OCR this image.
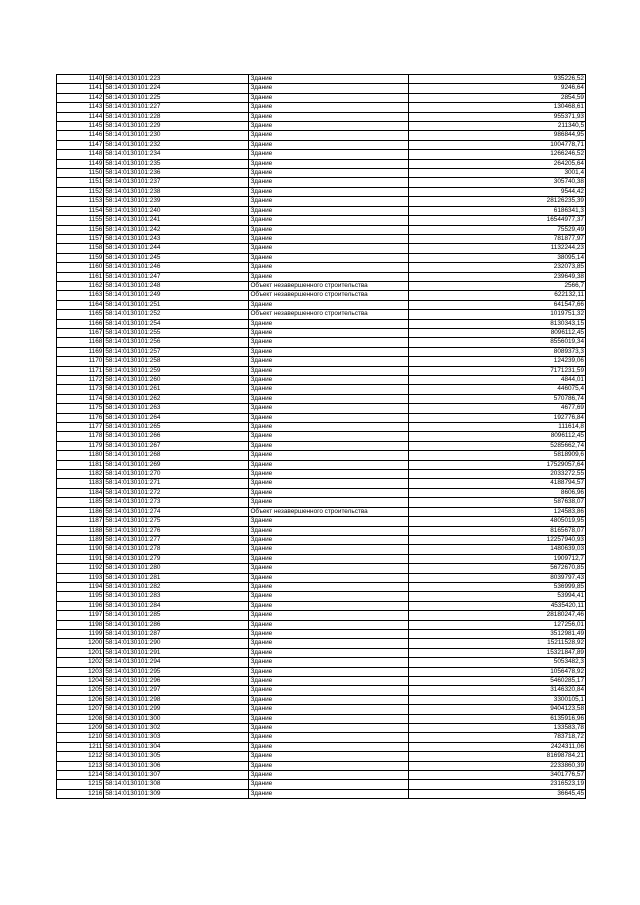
1140	58:14:0130101:223	Здание	935226,52
1141	58:14:0130101:224	Здание	9246,64
1142	58:14:0130101:225	Здание	2854,59
1143	58:14:0130101:227	Здание	130468,61
1144	58:14:0130101:228	Здание	955371,93
1145	58:14:0130101:229	Здание	211340,5
1146	58:14:0130101:230	Здание	986844,95
1147	58:14:0130101:232	Здание	1004778,71
1148	58:14:0130101:234	Здание	1266246,52
1149	58:14:0130101:235	Здание	264205,64
1150	58:14:0130101:236	Здание	3001,4
1151	58:14:0130101:237	Здание	305740,38
1152	58:14:0130101:238	Здание	9544,42
1153	58:14:0130101:239	Здание	28126235,39
1154	58:14:0130101:240	Здание	6186341,3
1155	58:14:0130101:241	Здание	16544977,37
1156	58:14:0130101:242	Здание	75529,49
1157	58:14:0130101:243	Здание	781877,97
1158	58:14:0130101:244	Здание	1132244,23
1159	58:14:0130101:245	Здание	38095,14
1160	58:14:0130101:246	Здание	232073,85
1161	58:14:0130101:247	Здание	239649,38
1162	58:14:0130101:248	Объект незавершенного строительства	2566,7
1163	58:14:0130101:249	Объект незавершенного строительства	622132,11
1164	58:14:0130101:251	Здание	641547,66
1165	58:14:0130101:252	Объект незавершенного строительства	1019751,32
1166	58:14:0130101:254	Здание	8130343,15
1167	58:14:0130101:255	Здание	8096112,45
1168	58:14:0130101:256	Здание	8556019,34
1169	58:14:0130101:257	Здание	8089373,3
1170	58:14:0130101:258	Здание	124239,06
1171	58:14:0130101:259	Здание	7171231,59
1172	58:14:0130101:260	Здание	4844,01
1173	58:14:0130101:261	Здание	446075,4
1174	58:14:0130101:262	Здание	570786,74
1175	58:14:0130101:263	Здание	4677,69
1176	58:14:0130101:264	Здание	192776,84
1177	58:14:0130101:265	Здание	111614,8
1178	58:14:0130101:266	Здание	8096112,45
1179	58:14:0130101:267	Здание	5285662,74
1180	58:14:0130101:268	Здание	5818909,6
1181	58:14:0130101:269	Здание	17529057,64
1182	58:14:0130101:270	Здание	2033272,55
1183	58:14:0130101:271	Здание	4188794,57
1184	58:14:0130101:272	Здание	8606,96
1185	58:14:0130101:273	Здание	587638,07
1186	58:14:0130101:274	Объект незавершенного строительства	124583,86
1187	58:14:0130101:275	Здание	4805019,95
1188	58:14:0130101:276	Здание	8165678,07
1189	58:14:0130101:277	Здание	12257940,93
1190	58:14:0130101:278	Здание	1480639,03
1191	58:14:0130101:279	Здание	1909712,7
1192	58:14:0130101:280	Здание	5672670,85
1193	58:14:0130101:281	Здание	8039797,43
1194	58:14:0130101:282	Здание	536999,85
1195	58:14:0130101:283	Здание	53994,41
1196	58:14:0130101:284	Здание	4535420,11
1197	58:14:0130101:285	Здание	28180247,46
1198	58:14:0130101:286	Здание	127256,01
1199	58:14:0130101:287	Здание	3512981,49
1200	58:14:0130101:290	Здание	15211528,92
1201	58:14:0130101:291	Здание	15321847,89
1202	58:14:0130101:294	Здание	5053482,3
1203	58:14:0130101:295	Здание	1056478,92
1204	58:14:0130101:296	Здание	5460285,17
1205	58:14:0130101:297	Здание	3146320,84
1206	58:14:0130101:298	Здание	3300105,1
1207	58:14:0130101:299	Здание	9404123,58
1208	58:14:0130101:300	Здание	6135916,96
1209	58:14:0130101:302	Здание	133583,78
1210	58:14:0130101:303	Здание	783718,72
1211	58:14:0130101:304	Здание	2424311,06
1212	58:14:0130101:305	Здание	81698784,21
1213	58:14:0130101:306	Здание	2233860,39
1214	58:14:0130101:307	Здание	3401776,57
1215	58:14:0130101:308	Здание	2316523,19
1216	58:14:0130101:309	Здание	36645,45
